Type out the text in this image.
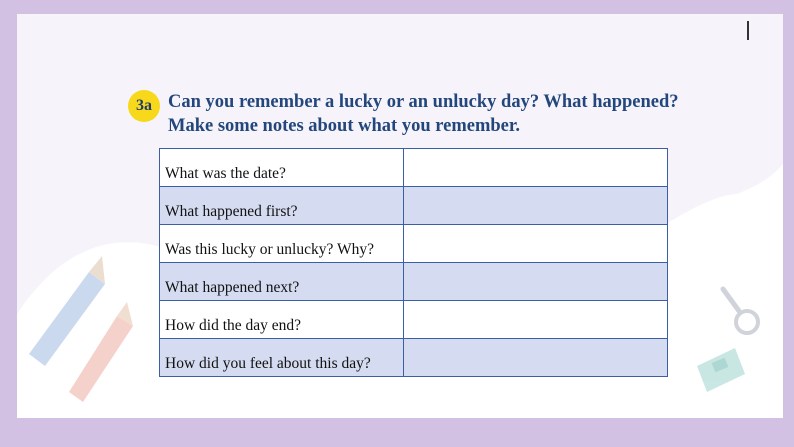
3a Can you remember a lucky or an unlucky day? What happened? Make some notes about what you remember.

What was the date?	
What happened first?	
Was this lucky or unlucky? Why?	
What happened next?	
How did the day end?	
How did you feel about this day?	
